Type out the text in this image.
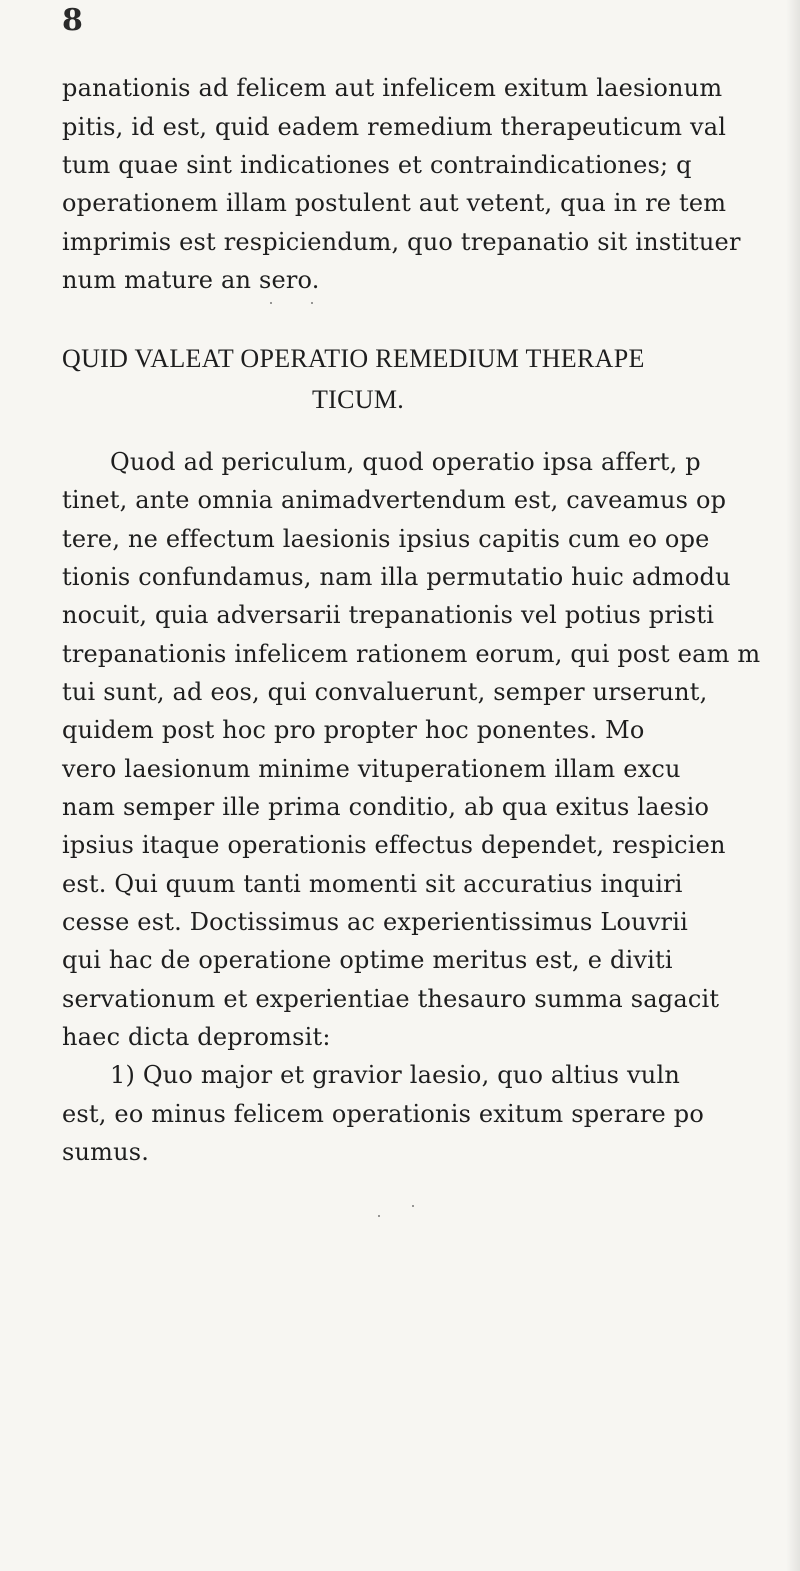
8
panationis ad felicem aut infelicem exitum laesionum
pitis, id est, quid eadem remedium therapeuticum val
tum quae sint indicationes et contraindicationes; q
operationem illam postulent aut vetent, qua in re tem
imprimis est respiciendum, quo trepanatio sit instituer
num mature an sero.
QUID VALEAT OPERATIO REMEDIUM THERAPE
TICUM.
Quod ad periculum, quod operatio ipsa affert, p
tinet, ante omnia animadvertendum est, caveamus op
tere, ne effectum laesionis ipsius capitis cum eo ope
tionis confundamus, nam illa permutatio huic admodu
nocuit, quia adversarii trepanationis vel potius pristi
trepanationis infelicem rationem eorum, qui post eam m
tui sunt, ad eos, qui convaluerunt, semper urserunt,
quidem post hoc pro propter hoc ponentes. Mo
vero laesionum minime vituperationem illam excu
nam semper ille prima conditio, ab qua exitus laesio
ipsius itaque operationis effectus dependet, respicien
est. Qui quum tanti momenti sit accuratius inquiri
cesse est. Doctissimus ac experientissimus Louvrii
qui hac de operatione optime meritus est, e diviti
servationum et experientiae thesauro summa sagacit
haec dicta depromsit:
1) Quo major et gravior laesio, quo altius vuln
est, eo minus felicem operationis exitum sperare po
sumus.
